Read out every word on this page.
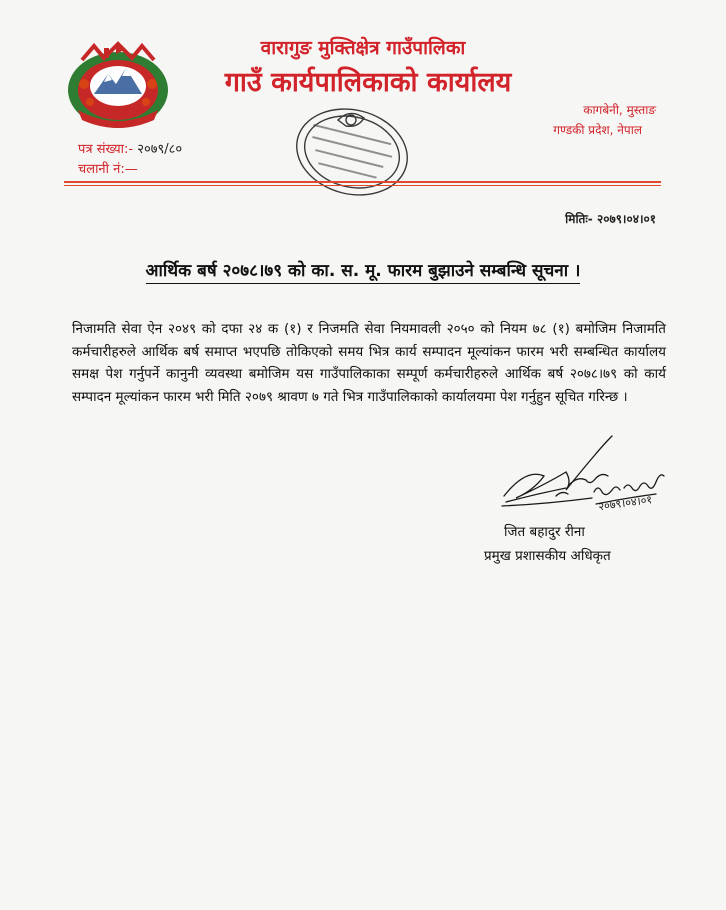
वारागुङ मुक्तिक्षेत्र गाउँपालिका
गाउँ कार्यपालिकाको कार्यालय
कागबेनी, मुस्ताङ
गण्डकी प्रदेश, नेपाल
पत्र संख्या:- २०७९/८०
चलानी नं:—
मितिः- २०७९।०४।०१
आर्थिक बर्ष २०७८।७९ को का. स. मू. फारम बुझाउने सम्बन्धि सूचना ।
निजामति सेवा ऐन २०४९ को दफा २४ क (१) र निजमति सेवा नियमावली २०५० को नियम ७८ (१) बमोजिम निजामति कर्मचारीहरुले आर्थिक बर्ष समाप्त भएपछि तोकिएको समय भित्र कार्य सम्पादन मूल्यांकन फारम भरी सम्बन्धित कार्यालय समक्ष पेश गर्नुपर्ने कानुनी व्यवस्था बमोजिम यस गाउँपालिकाका सम्पूर्ण कर्मचारीहरुले आर्थिक बर्ष २०७८।७९ को कार्य सम्पादन मूल्यांकन फारम भरी मिति २०७९ श्रावण ७ गते भित्र गाउँपालिकाको कार्यालयमा पेश गर्नुहुन सूचित गरिन्छ ।
२०७९।०४।०१
जित बहादुर रीना
प्रमुख प्रशासकीय अधिकृत
